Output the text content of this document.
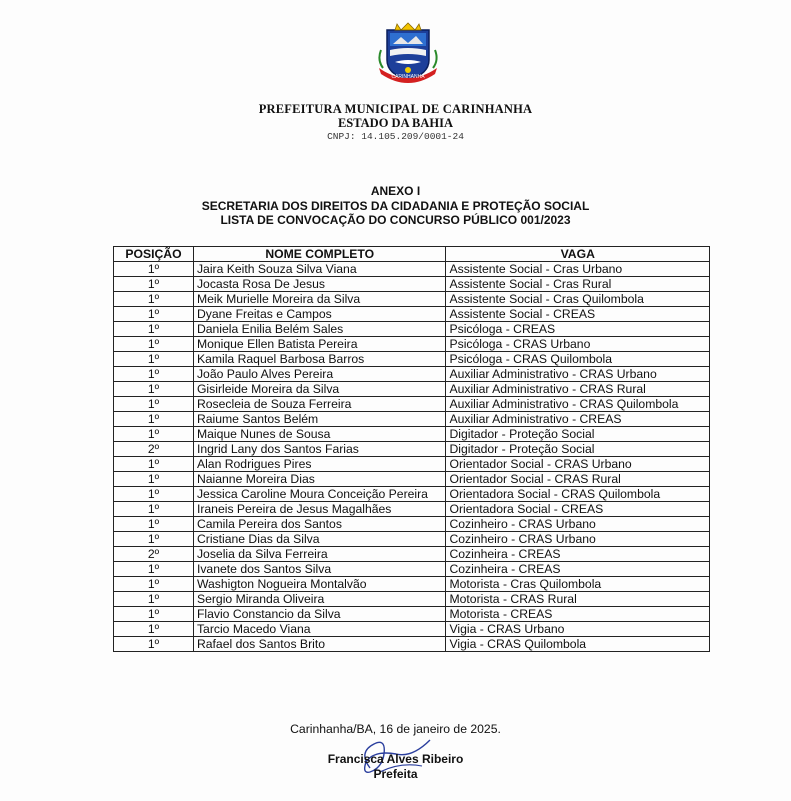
CARINHANHA
PREFEITURA MUNICIPAL DE CARINHANHA
ESTADO DA BAHIA
CNPJ: 14.105.209/0001-24
ANEXO I
SECRETARIA DOS DIREITOS DA CIDADANIA E PROTEÇÃO SOCIAL
LISTA DE CONVOCAÇÃO DO CONCURSO PÚBLICO 001/2023
POSIÇÃO	NOME COMPLETO	VAGA
1º	Jaira Keith Souza Silva Viana	Assistente Social - Cras Urbano
1º	Jocasta Rosa De Jesus	Assistente Social - Cras Rural
1º	Meik Murielle Moreira da Silva	Assistente Social - Cras Quilombola
1º	Dyane Freitas e Campos	Assistente Social - CREAS
1º	Daniela Enilia Belém Sales	Psicóloga - CREAS
1º	Monique Ellen Batista Pereira	Psicóloga - CRAS Urbano
1º	Kamila Raquel Barbosa Barros	Psicóloga - CRAS Quilombola
1º	João Paulo Alves Pereira	Auxiliar Administrativo - CRAS Urbano
1º	Gisirleide Moreira da Silva	Auxiliar Administrativo - CRAS Rural
1º	Rosecleia de Souza Ferreira	Auxiliar Administrativo - CRAS Quilombola
1º	Raiume Santos Belém	Auxiliar Administrativo - CREAS
1º	Maique Nunes de Sousa	Digitador - Proteção Social
2º	Ingrid Lany dos Santos Farias	Digitador - Proteção Social
1º	Alan Rodrigues Pires	Orientador Social - CRAS Urbano
1º	Naianne Moreira Dias	Orientador Social - CRAS Rural
1º	Jessica Caroline Moura Conceição Pereira	Orientadora Social - CRAS Quilombola
1º	Iraneis Pereira de Jesus Magalhães	Orientadora Social - CREAS
1º	Camila Pereira dos Santos	Cozinheiro - CRAS Urbano
1º	Cristiane Dias da Silva	Cozinheiro - CRAS Urbano
2º	Joselia da Silva Ferreira	Cozinheira - CREAS
1º	Ivanete dos Santos Silva	Cozinheira - CREAS
1º	Washigton Nogueira Montalvão	Motorista - Cras Quilombola
1º	Sergio Miranda Oliveira	Motorista - CRAS Rural
1º	Flavio Constancio da Silva	Motorista - CREAS
1º	Tarcio Macedo Viana	Vigia - CRAS Urbano
1º	Rafael dos Santos Brito	Vigia - CRAS Quilombola
Carinhanha/BA, 16 de janeiro de 2025.
Francisca Alves Ribeiro
Prefeita
